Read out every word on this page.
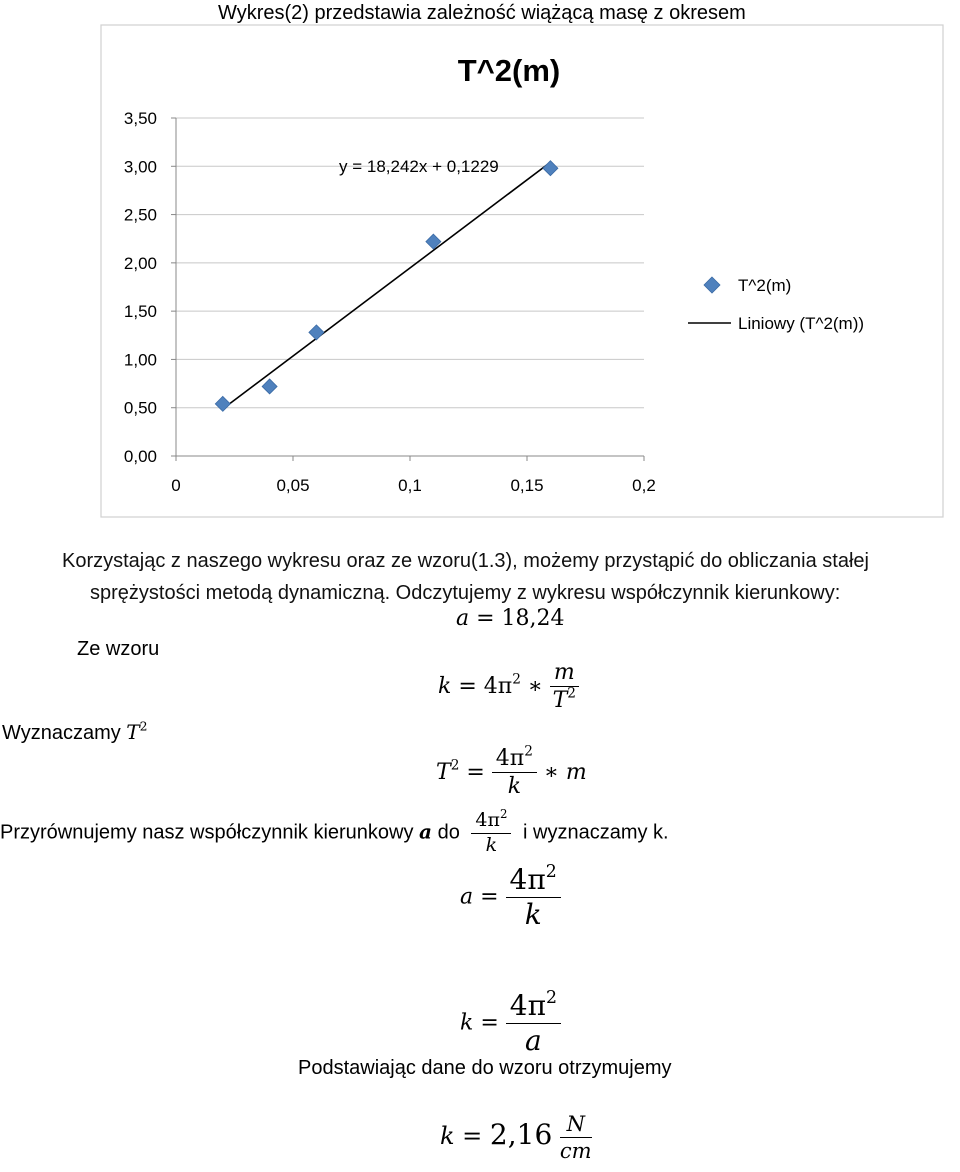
Wykres(2) przedstawia zależność wiążącą masę z okresem
T^2(m)
0,00
0,50
1,00
1,50
2,00
2,50
3,00
3,50
0	0,05	0,1	0,15	0,2
y = 18,242x + 0,1229
T^2(m)
Liniowy (T^2(m))
Korzystając z naszego wykresu oraz ze wzoru(1.3), możemy przystąpić do obliczania stałej
sprężystości metodą dynamiczną. Odczytujemy z wykresu współczynnik kierunkowy:
a = 18,24
Ze wzoru
$k = 4\pi^2$ ∗ $\frac{m}{T^2}$
Wyznaczamy $T^2$
$T^2 = \frac{4\pi^2}{k}$ ∗ m
Przyrównujemy nasz współczynnik kierunkowy a do $\frac{4\pi^2}{k}$ i wyznaczamy k.
$a = \frac{4\pi^2}{k}$
$k = \frac{4\pi^2}{a}$
Podstawiając dane do wzoru otrzymujemy
$k = 2,16 \frac{N}{cm}$
